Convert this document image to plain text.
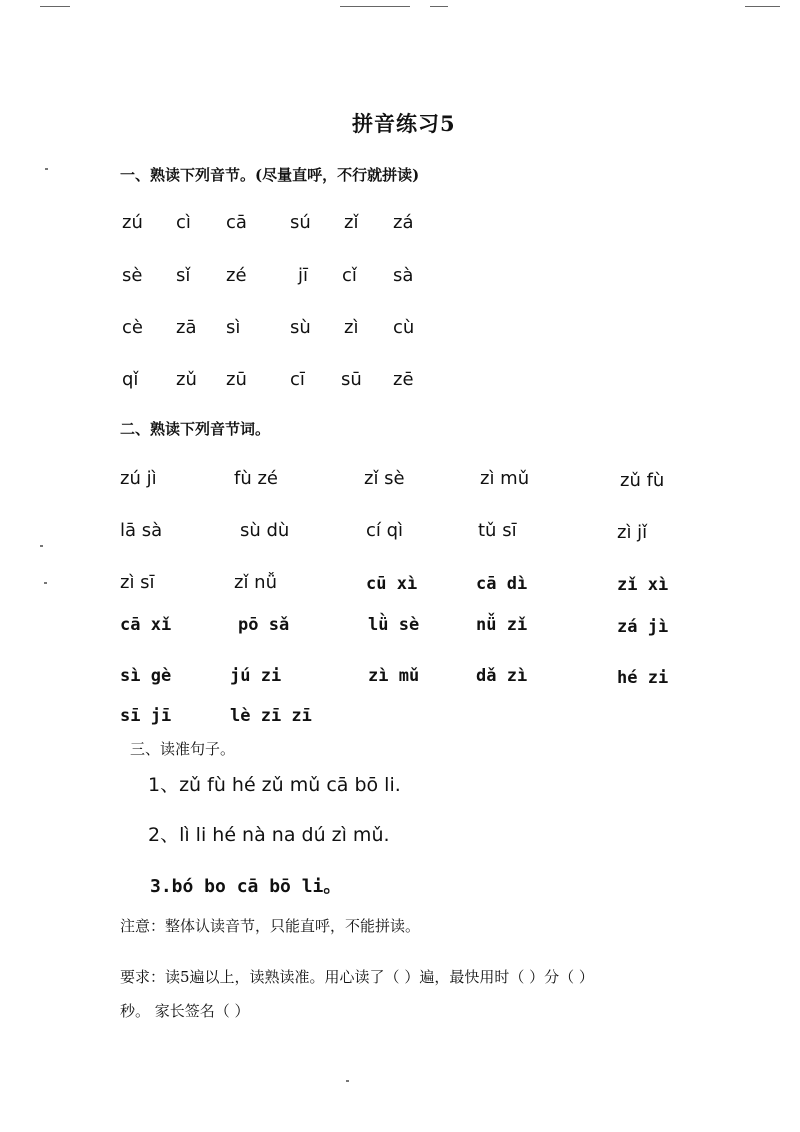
拼音练习5
一、熟读下列音节。(尽量直呼，不行就拼读)
zú cì cā sú zǐ zá
sè sǐ zé	jī cǐ sà
cè zā sì	sù zì cù
qǐ zǔ zū cī sū zē
二、熟读下列音节词。
zú jì	fù zé	zǐ sè	zì mǔ	zǔ fù
lā sà	sù dù	cí qì	tǔ sī	zì jǐ
zì sī	zǐ nǚ	cū xì	cā dì	zǐ xì
cā xǐ	pō sǎ	lǜ sè	nǚ zǐ	zá jì
sì gè	jú zi	zì mǔ	dǎ zì	hé zi
sī jī	lè zī zī
三、读准句子。
1、zǔ fù hé zǔ mǔ cā bō li.
2、lì li hé nà na dú zì mǔ.
3.bó bo cā bō li。
注意：整体认读音节，只能直呼，不能拼读。
要求：读5遍以上，读熟读准。用心读了（ ）遍，最快用时（ ）分（ ）
秒。 家长签名（ ）
